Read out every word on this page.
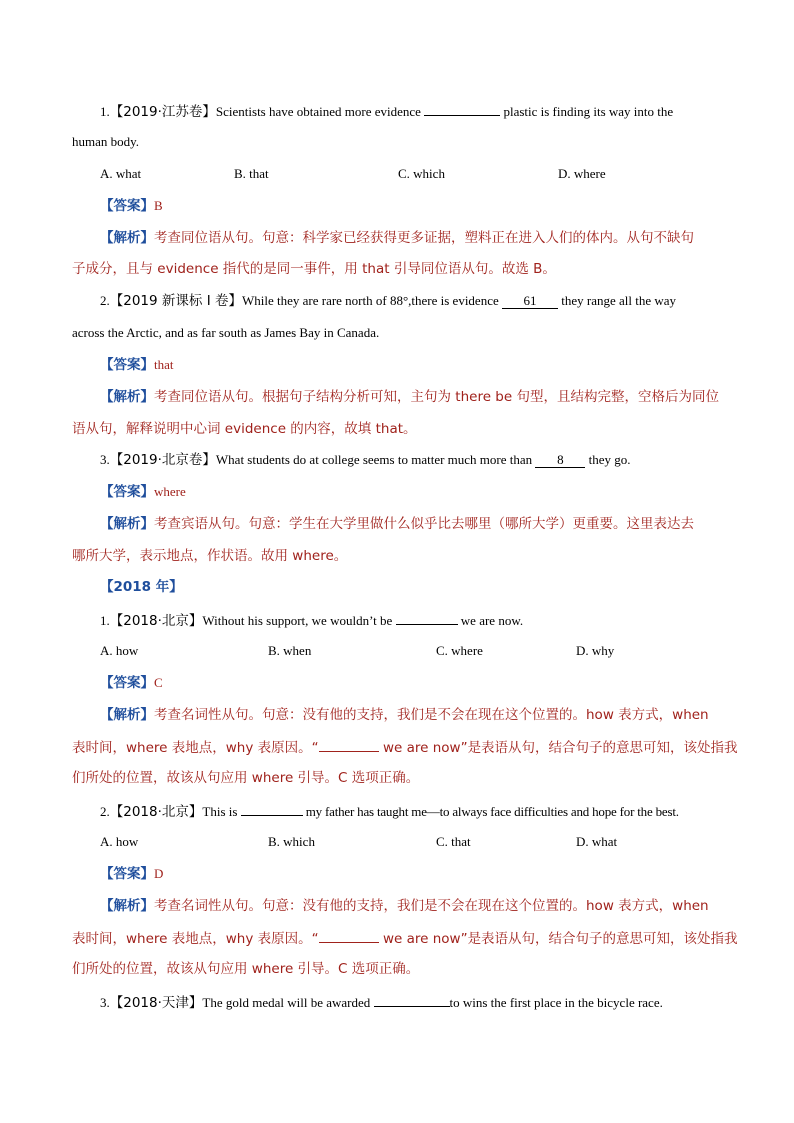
1.【2019·江苏卷】Scientists have obtained more evidence	plastic is finding its way into the
human body.
A. what	B. that	C. which	D. where
【答案】B
【解析】考查同位语从句。句意：科学家已经获得更多证据，塑料正在进入人们的体内。从句不缺句
子成分，且与 evidence 指代的是同一事件，用 that 引导同位语从句。故选 B。
2.【2019 新课标 I 卷】While they are rare north of 88°,there is evidence 61 they range all the way
across the Arctic, and as far south as James Bay in Canada.
【答案】that
【解析】考查同位语从句。根据句子结构分析可知，主句为 there be 句型，且结构完整，空格后为同位
语从句，解释说明中心词 evidence 的内容，故填 that。
3.【2019·北京卷】What students do at college seems to matter much more than 8 they go.
【答案】where
【解析】考查宾语从句。句意：学生在大学里做什么似乎比去哪里（哪所大学）更重要。这里表达去
哪所大学，表示地点，作状语。故用 where。
【2018 年】
1.【2018·北京】Without his support, we wouldn’t be	we are now.
A. how	B. when	C. where	D. why
【答案】C
【解析】考查名词性从句。句意：没有他的支持，我们是不会在现在这个位置的。how 表方式，when
表时间，where 表地点，why 表原因。“	we are now”是表语从句，结合句子的意思可知，该处指我
们所处的位置，故该从句应用 where 引导。C 选项正确。
2.【2018·北京】This is	my father has taught me—to always face difficulties and hope for the best.
A. how	B. which	C. that	D. what
【答案】D
【解析】考查名词性从句。句意：没有他的支持，我们是不会在现在这个位置的。how 表方式，when
表时间，where 表地点，why 表原因。“	we are now”是表语从句，结合句子的意思可知，该处指我
们所处的位置，故该从句应用 where 引导。C 选项正确。
3.【2018·天津】The gold medal will be awarded	to wins the first place in the bicycle race.
